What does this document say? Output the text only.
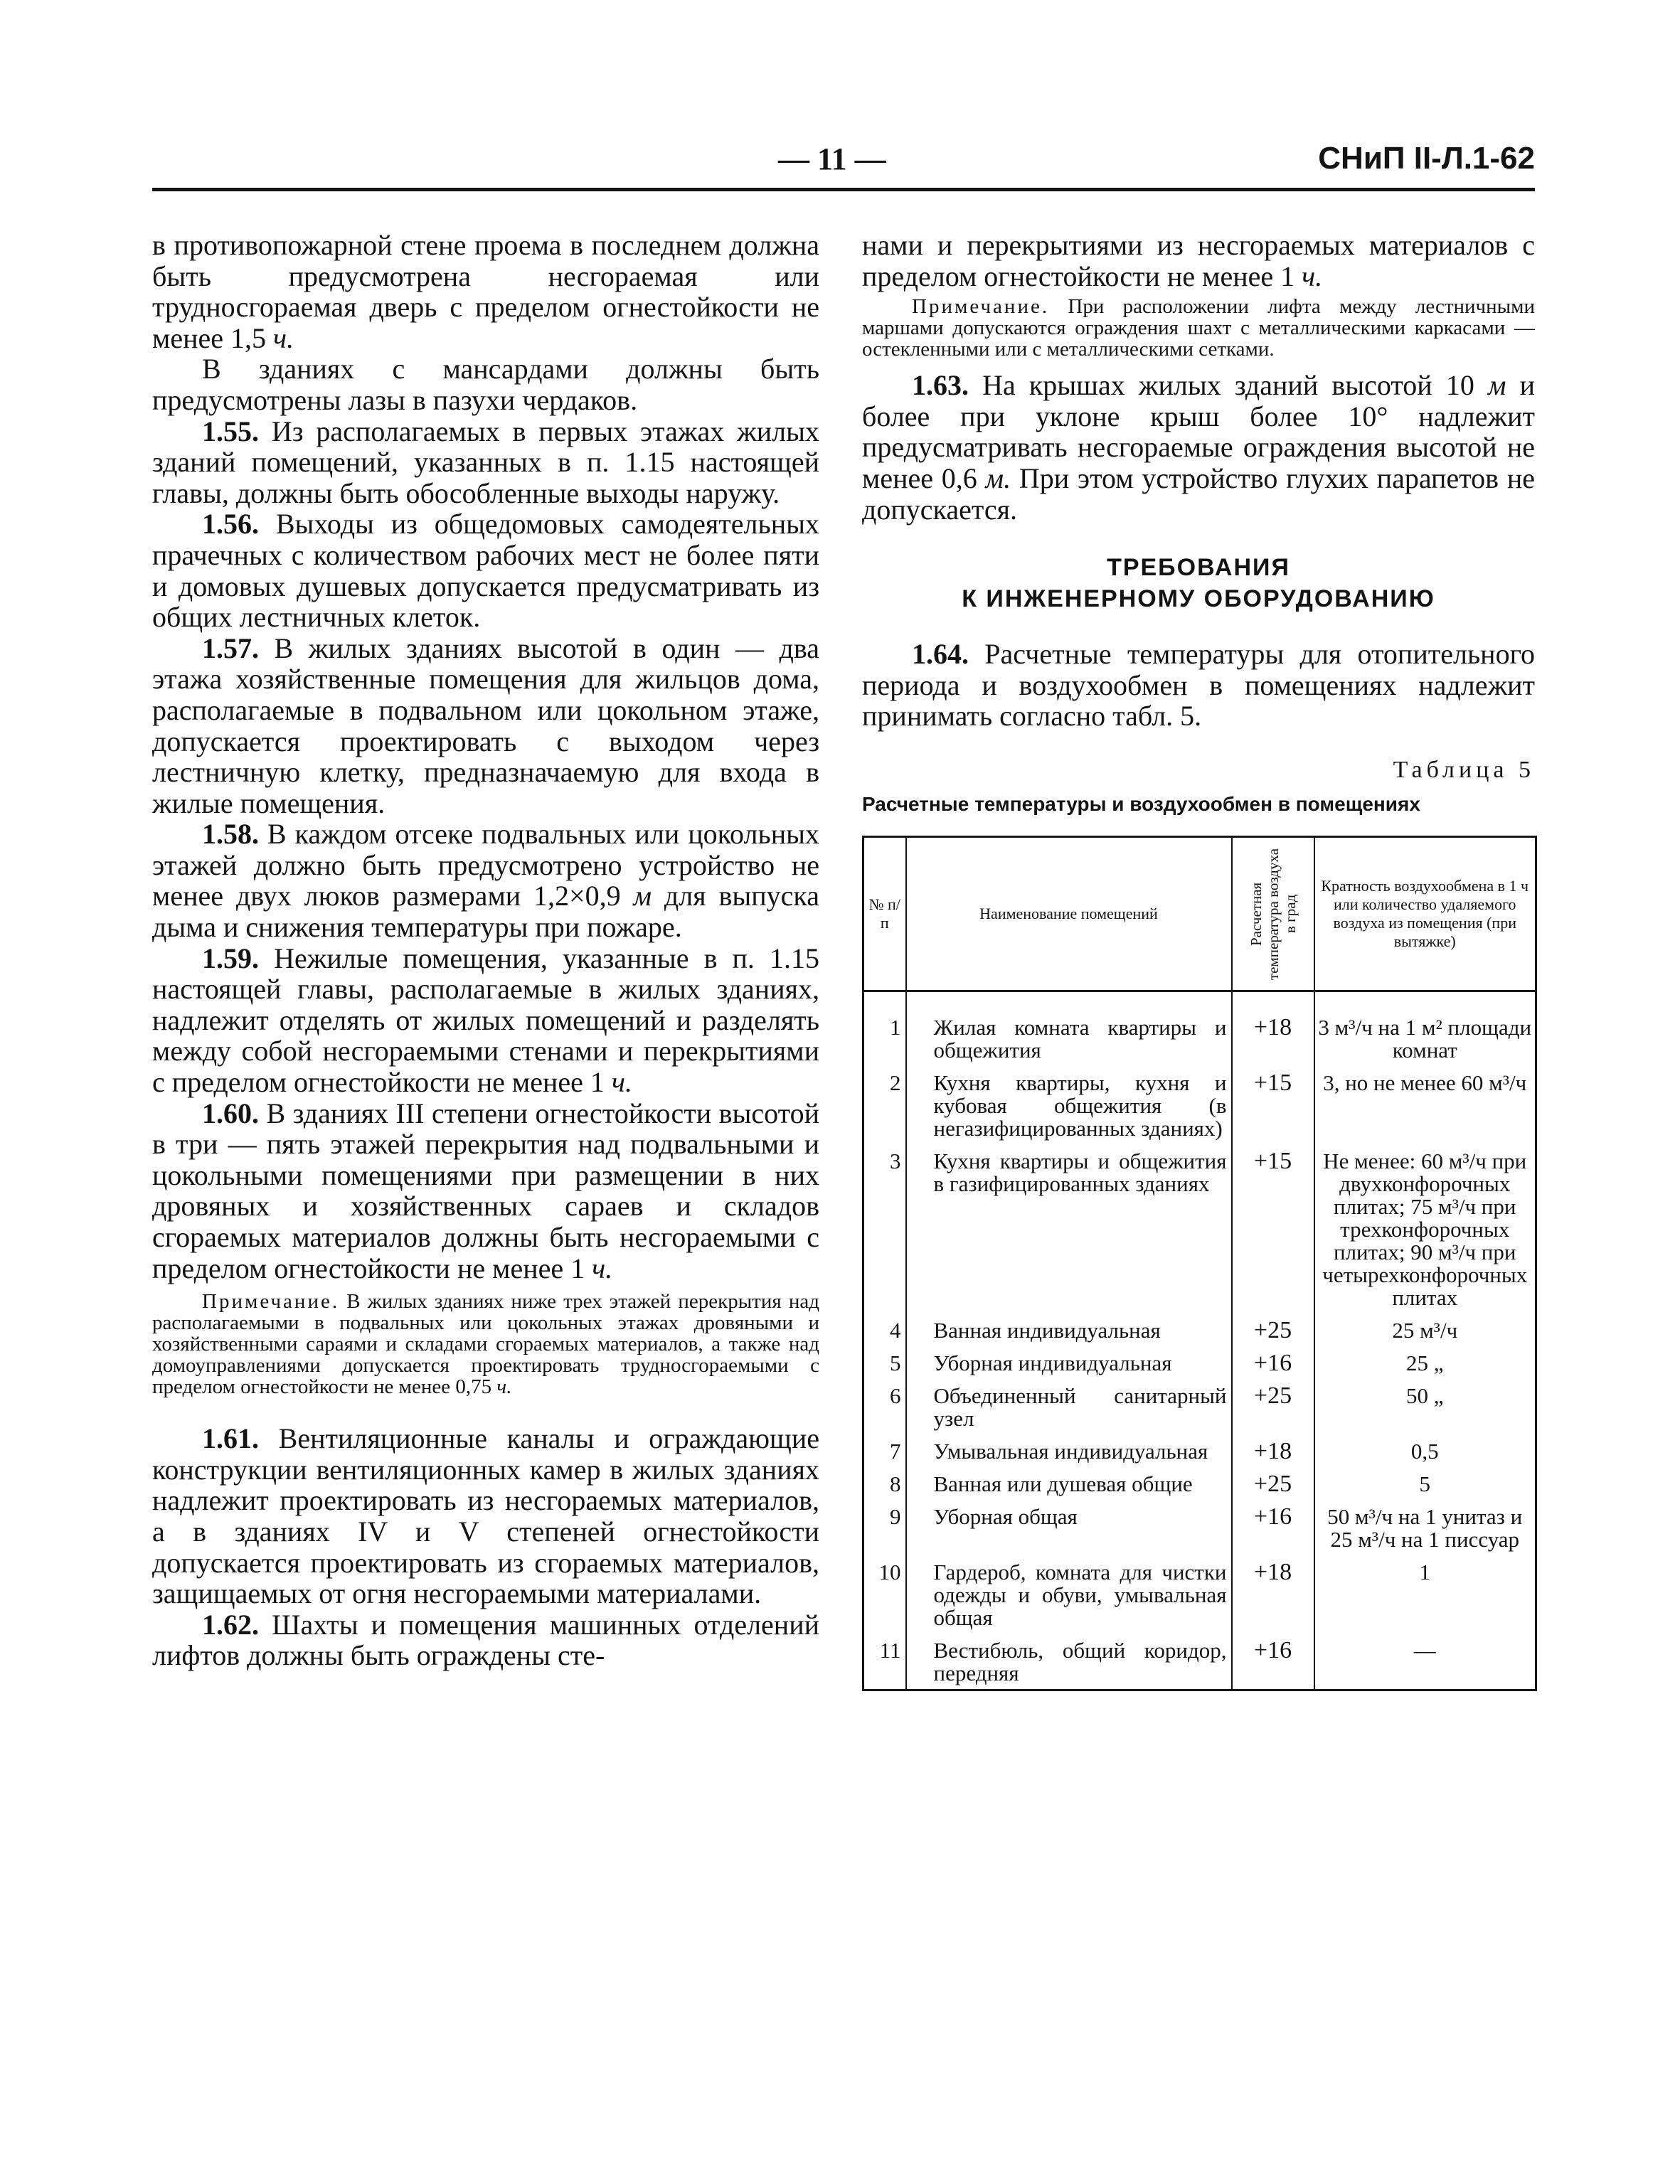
— 11 —	СНиП II-Л.1-62

в противопожарной стене проема в последнем должна быть предусмотрена несгораемая или трудносгораемая дверь с пределом огнестойкости не менее 1,5 ч.

В зданиях с мансардами должны быть предусмотрены лазы в пазухи чердаков.

1.55. Из располагаемых в первых этажах жилых зданий помещений, указанных в п. 1.15 настоящей главы, должны быть обособленные выходы наружу.

1.56. Выходы из общедомовых самодеятельных прачечных с количеством рабочих мест не более пяти и домовых душевых допускается предусматривать из общих лестничных клеток.

1.57. В жилых зданиях высотой в один — два этажа хозяйственные помещения для жильцов дома, располагаемые в подвальном или цокольном этаже, допускается проектировать с выходом через лестничную клетку, предназначаемую для входа в жилые помещения.

1.58. В каждом отсеке подвальных или цокольных этажей должно быть предусмотрено устройство не менее двух люков размерами 1,2×0,9 м для выпуска дыма и снижения температуры при пожаре.

1.59. Нежилые помещения, указанные в п. 1.15 настоящей главы, располагаемые в жилых зданиях, надлежит отделять от жилых помещений и разделять между собой несгораемыми стенами и перекрытиями с пределом огнестойкости не менее 1 ч.

1.60. В зданиях III степени огнестойкости высотой в три — пять этажей перекрытия над подвальными и цокольными помещениями при размещении в них дровяных и хозяйственных сараев и складов сгораемых материалов должны быть несгораемыми с пределом огнестойкости не менее 1 ч.

Примечание. В жилых зданиях ниже трех этажей перекрытия над располагаемыми в подвальных или цокольных этажах дровяными и хозяйственными сараями и складами сгораемых материалов, а также над домоуправлениями допускается проектировать трудносгораемыми с пределом огнестойкости не менее 0,75 ч.

1.61. Вентиляционные каналы и ограждающие конструкции вентиляционных камер в жилых зданиях надлежит проектировать из несгораемых материалов, а в зданиях IV и V степеней огнестойкости допускается проектировать из сгораемых материалов, защищаемых от огня несгораемыми материалами.

1.62. Шахты и помещения машинных отделений лифтов должны быть ограждены сте-

нами и перекрытиями из несгораемых материалов с пределом огнестойкости не менее 1 ч.

Примечание. При расположении лифта между лестничными маршами допускаются ограждения шахт с металлическими каркасами — остекленными или с металлическими сетками.

1.63. На крышах жилых зданий высотой 10 м и более при уклоне крыш более 10° надлежит предусматривать несгораемые ограждения высотой не менее 0,6 м. При этом устройство глухих парапетов не допускается.

ТРЕБОВАНИЯ
К ИНЖЕНЕРНОМУ ОБОРУДОВАНИЮ

1.64. Расчетные температуры для отопительного периода и воздухообмен в помещениях надлежит принимать согласно табл. 5.

Таблица 5
Расчетные температуры и воздухообмен в помещениях
№ п/п	Наименование помещений	Расчетная температура воздуха в град	Кратность воздухообмена в 1 ч или количество удаляемого воздуха из помещения (при вытяжке)
1	Жилая комната квартиры и общежития	+18	3 м³/ч на 1 м² площади комнат
2	Кухня квартиры, кухня и кубовая общежития (в негазифицированных зданиях)	+15	3, но не менее 60 м³/ч
3	Кухня квартиры и общежития в газифицированных зданиях	+15	Не менее: 60 м³/ч при двухконфорочных плитах; 75 м³/ч при трехконфорочных плитах; 90 м³/ч при четырехконфорочных плитах
4	Ванная индивидуальная	+25	25 м³/ч
5	Уборная индивидуальная	+16	25 „
6	Объединенный санитарный узел	+25	50 „
7	Умывальная индивидуальная	+18	0,5
8	Ванная или душевая общие	+25	5
9	Уборная общая	+16	50 м³/ч на 1 унитаз и 25 м³/ч на 1 писсуар
10	Гардероб, комната для чистки одежды и обуви, умывальная общая	+18	1
11	Вестибюль, общий коридор, передняя	+16	—
